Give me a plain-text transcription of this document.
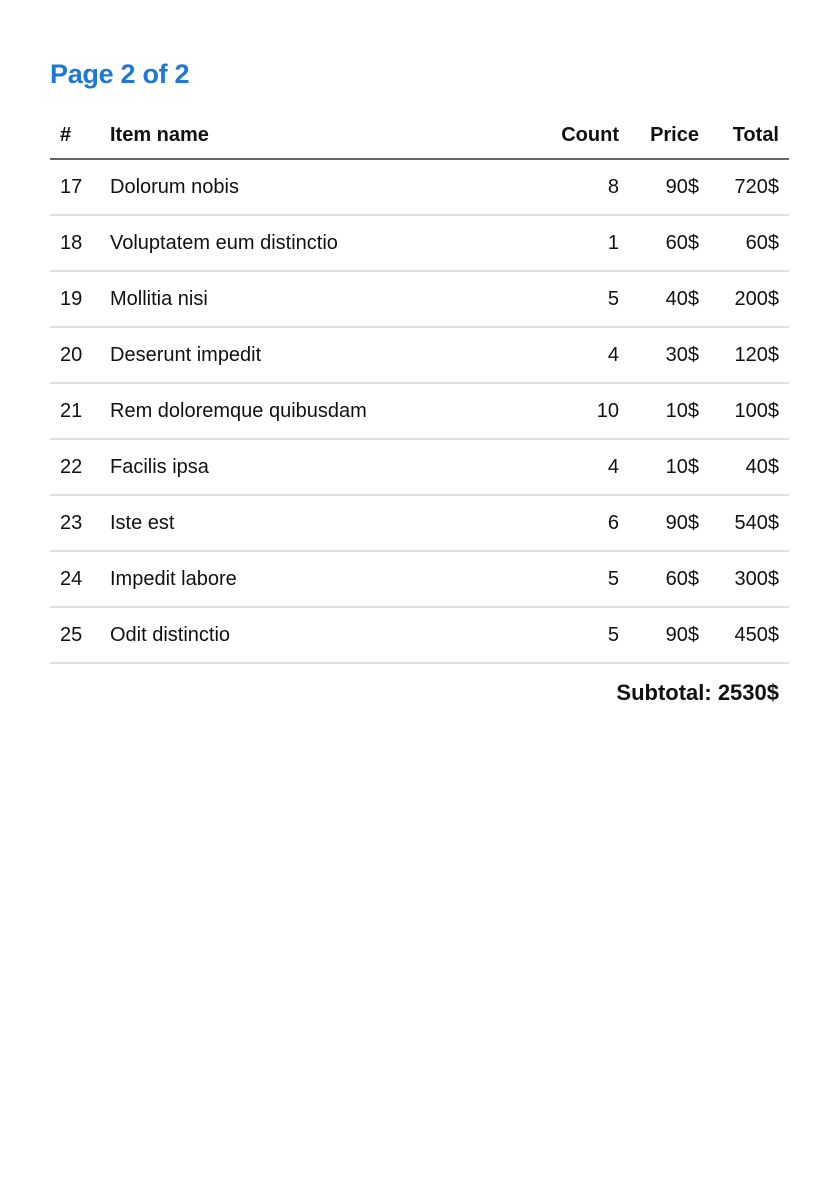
Page 2 of 2
#	Item name	Count	Price	Total
17	Dolorum nobis	8	90$	720$
18	Voluptatem eum distinctio	1	60$	60$
19	Mollitia nisi	5	40$	200$
20	Deserunt impedit	4	30$	120$
21	Rem doloremque quibusdam	10	10$	100$
22	Facilis ipsa	4	10$	40$
23	Iste est	6	90$	540$
24	Impedit labore	5	60$	300$
25	Odit distinctio	5	90$	450$
Subtotal: 2530$
